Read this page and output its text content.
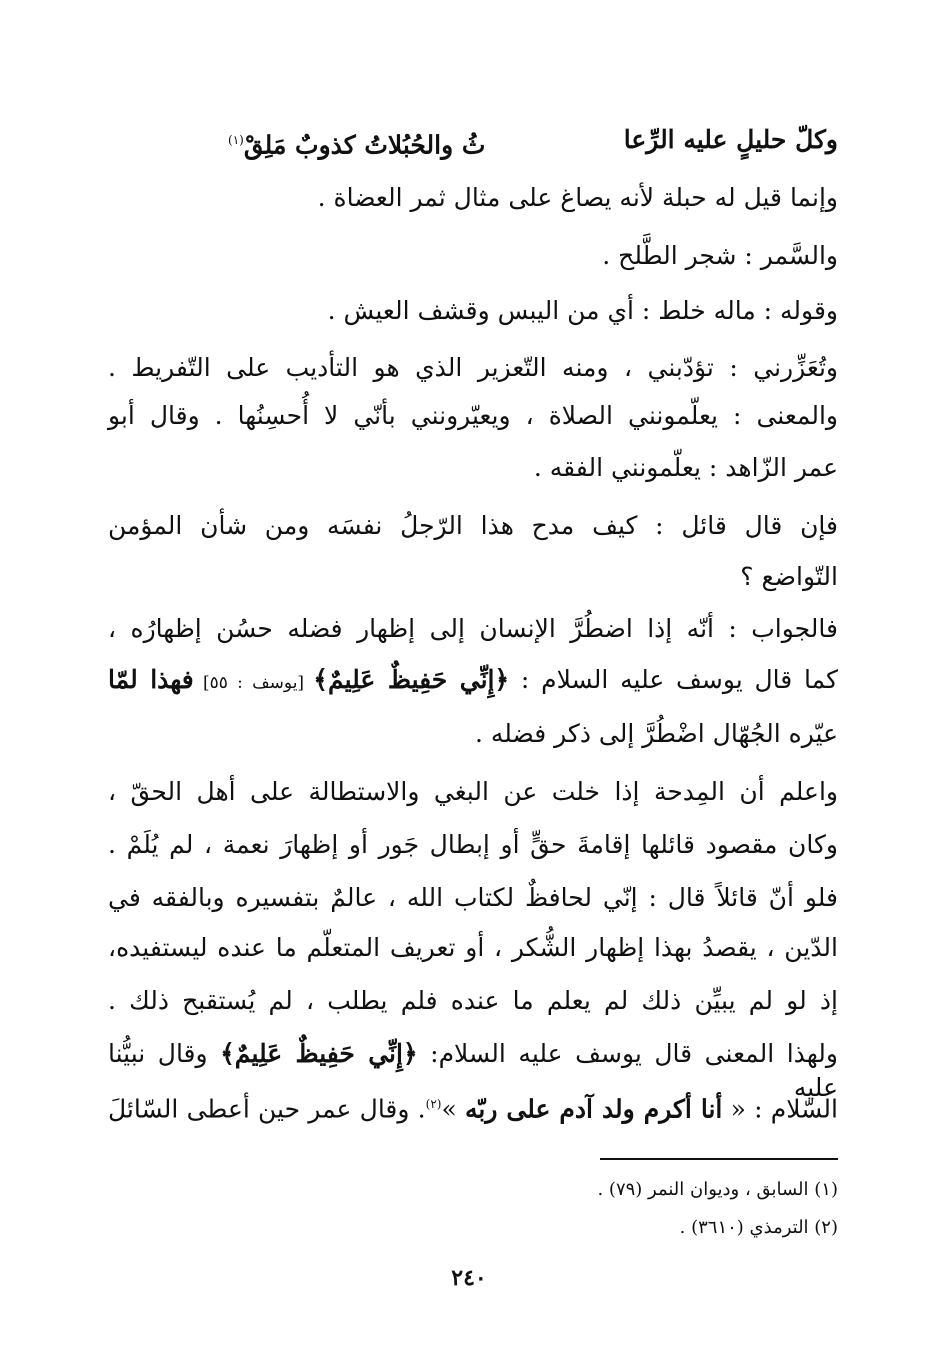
وكلّ حليلٍ عليه الرِّعا
ثُ والحُبُلاتُ كذوبٌ مَلِقْ$^{(١)}$
وإنما قيل له حبلة لأنه يصاغ على مثال ثمر العضاة .
والسَّمر : شجر الطَّلح .
وقوله : ماله خلط : أي من اليبس وقشف العيش .
وتُعَزِّرني : تؤدّبني ، ومنه التّعزير الذي هو التأديب على التّفريط .
والمعنى : يعلّمونني الصلاة ، ويعيّرونني بأنّي لا أُحسِنُها . وقال أبو
عمر الزّاهد : يعلّمونني الفقه .
فإن قال قائل : كيف مدح هذا الرّجلُ نفسَه ومن شأن المؤمن
التّواضع ؟
فالجواب : أنّه إذا اضطُرَّ الإنسان إلى إظهار فضله حسُن إظهارُه ،
كما قال يوسف عليه السلام : ﴿إِنِّي حَفِيظٌ عَلِيمٌ﴾ [يوسف : ٥٥] فهذا لمّا
عيّره الجُهّال اضْطُرَّ إلى ذكر فضله .
واعلم أن المِدحة إذا خلت عن البغي والاستطالة على أهل الحقّ ،
وكان مقصود قائلها إقامةَ حقٍّ أو إبطال جَور أو إظهارَ نعمة ، لم يُلَمْ .
فلو أنّ قائلاً قال : إنّي لحافظٌ لكتاب الله ، عالمٌ بتفسيره وبالفقه في
الدّين ، يقصدُ بهذا إظهار الشُّكر ، أو تعريف المتعلّم ما عنده ليستفيده،
إذ لو لم يبيِّن ذلك لم يعلم ما عنده فلم يطلب ، لم يُستقبح ذلك .
ولهذا المعنى قال يوسف عليه السلام: ﴿إِنِّي حَفِيظٌ عَلِيمٌ﴾ وقال نبيُّنا عليه
السّلام : « أنا أكرم ولد آدم على ربّه »$^{(٢)}$. وقال عمر حين أعطى السّائلَ
(١) السابق ، وديوان النمر (٧٩) .
(٢) الترمذي (٣٦١٠) .
٢٤٠
